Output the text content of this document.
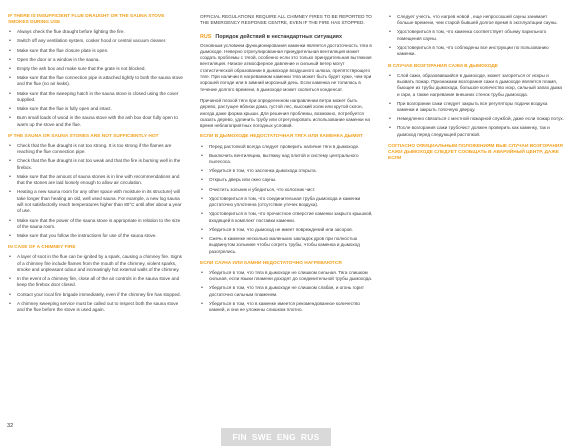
IF THERE IS INSUFFICIENT FLUE DRAUGHT OR THE SAUNA STOVE SMOKES DURING USE
• Always check the flue draught before lighting the fire.
• Switch off any ventilation system, cooker hood or central vacuum cleaner.
• Make sure that the flue closure plate is open.
• Open the door or a window in the sauna.
• Empty the ash box and make sure that the grate is not blocked.
• Make sure that the flue connection pipe is attached tightly to both the sauna stove and the flue (no air leaks).
• Make sure that the sweeping hatch in the sauna stove is closed using the cover supplied.
• Make sure that the flue is fully open and intact.
• Burn small loads of wood in the sauna stove with the ash box door fully open to warm up the stove and the flue.
IF THE SAUNA OR SAUNA STONES ARE NOT SUFFICIENTLY HOT
• Check that the flue draught is not too strong. It is too strong if the flames are reaching the flue connection pipe.
• Check that the flue draught is not too weak and that the fire is burning well in the firebox.
• Make sure that the amount of sauna stones is in line with recommendations and that the stones are laid loosely enough to allow air circulation.
• Heating a new sauna room for any other space with moisture in its structure) will take longer than heating an old, well used sauna. For example, a new log sauna will not satisfactorily reach temperatures higher than 80°C until after about a year of use.
• Make sure that the power of the sauna stove is appropriate in relation to the size of the sauna room.
• Make sure that you follow the instructions for use of the sauna stove.
IN CASE OF A CHIMNEY FIRE
• A layer of soot in the flue can be ignited by a spark, causing a chimney fire. Signs of a chimney fire include flames from the mouth of the chimney, violent sparks, smoke and unpleasant odour and increasingly hot external walls of the chimney.
• In the event of a chimney fire, close all of the air controls in the sauna stove and keep the firebox door closed.
• Contact your local fire brigade immediately, even if the chimney fire has stopped.
• A chimney sweeping service must be called out to inspect both the sauna stove and the flue before the stove is used again.

OFFICIAL REGULATIONS REQUIRE ALL CHIMNEY FIRES TO BE REPORTED TO THE EMERGENCY RESPONSE CENTRE, EVEN IF THE FIRE HAS STOPPED.

RUS Порядок действий в нестандартных ситуациях

Основным условием функционирования каменки является достаточность тяги в дымоходе. Неверно отрегулированная принудительная вентиляция может создать проблемы с тягой, особенно если это только принудительная вытяжная вентиляция. Низкое атмосферное давление и сильный ветер могут статистической образовании в дымоходе воздушного шлюза, препятствующего тяге. При наличии в нагреваемом каменки тяга может быть будет хуже, чем при хорошей погоде или в зимний морозный день. Если каменка не топилась в течение долгого времени, в дымоходе может скопиться конденсат.

Причиной плохой тяги при определенном направлении ветра может быть дерево, растущее вблизи дома, густой лес, высокий холм или крутой склон, иногда даже форма крыши. Для решения проблемы, возможно, потребуется сказать дерево, удлинить трубу или отрегулировать использование каменки на время неблагоприятных погодных условий.

ЕСЛИ В ДЫМОХОДЕ НЕДОСТАТОЧНАЯ ТЯГА ИЛИ КАМЕНКА ДЫМИТ
• Перед растопкой всегда следует проверить наличие тяги в дымоходе.
• Выключить вентиляцию, вытяжку над плитой и систему центрального пылесоса.
• Убедиться в том, что заслонка дымохода открыта.
• Открыть дверь или окно сауны.
• Очистить зольник и убедиться, что колосник чист.
• Удостовериться в том, что соединительная труба дымохода и каменки достаточно уплотнена (отсутствие утечек воздуха).
• Удостовериться в том, что прочистное отверстие каменки закрыто крышкой, входящей в комплект поставки каменки.
• Убедиться в том, что дымоход не имеет повреждений или засоров.
• Сжечь в каменке несколько маленьких закладок дров при полностью выдвинутом зольнике чтобы согреть трубы, чтобы каменка и дымоход разогрелись.
ЕСЛИ САУНА ИЛИ КАМНИ НЕДОСТАТОЧНО НАГРЕВАЮТСЯ
• Убедиться в том, что тяга в дымоходе не слишком сильная. Тяга слишком сильная, если языки пламени доходят до соединительной трубы дымохода.
• Убедиться в том, что тяга в дымоходе не слишком слабая, и огонь горит достаточно сильным пламенем.
• Убедиться в том, что в каменке имеется рекомендованное количество камней, и они не уложены слишком плотно.
• Следует учесть, что нагрев новой , еще непросохшей сауны занимает больше времени, чем старой бывшей долгое время в эксплуатации сауны.
• Удостовериться в том, что каменка соответствует объему парильного помещения сауны.
• Удостовериться в том, что соблюдены все инструкции по пользованию каменки.
В СЛУЧАЕ ВОЗГОРАНИЯ САЖИ В ДЫМОХОДЕ
• Слой сажи, образовавшийся в дымоходе, может загореться от искры и вызвать пожар. Признаками возгорания сажи в дымоходе является пламя, бьющее из трубы дымохода, большое количество искр, сильный запах дыма и гари, а также нагревание внешних стенок трубы дымохода.
• При возгорании сажи следует закрыть все регуляторы подачи воздуха каменки и закрыть топочную дверцу.
• Немедленно связаться с местной пожарной службой, даже если пожар потух.
• После возгорания сажи трубочист должен проверить как каменку, так и дымоход перед следующей растопкой.
СОГЛАСНО ОФИЦИАЛЬНЫМ ПОЛОЖЕНИЯМ ВЫЕ СЛУЧАИ ВОЗГОРАНИЯ САЖИ ДЫМОХОДЕ СЛЕДУЕТ СООБЩАТЬ В АВАРИЙНЫЙ ЦЕНТР, ДАЖЕ ЕСЛИ
32
FIN SWE ENG RUS
